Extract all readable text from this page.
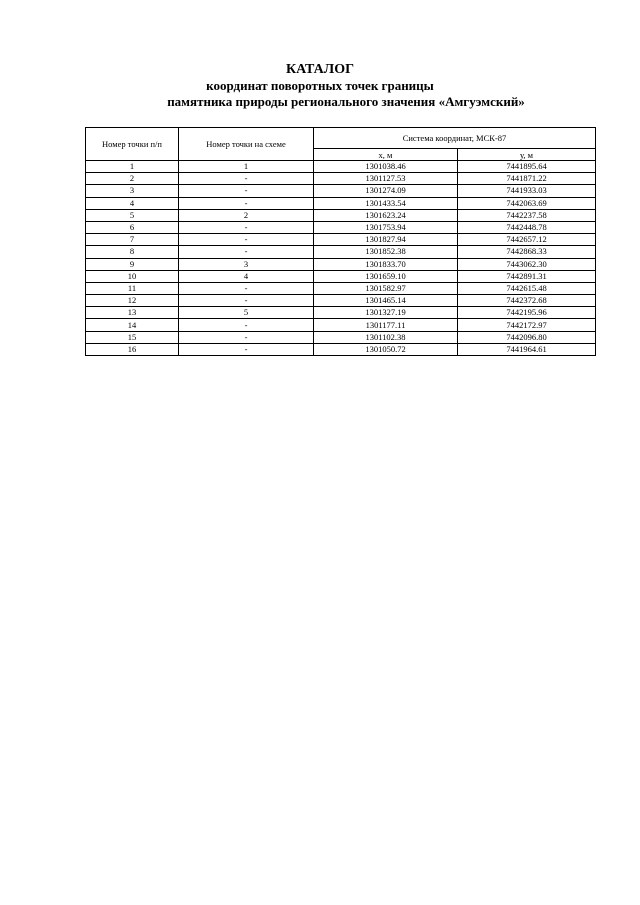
КАТАЛОГ
координат поворотных точек границы
памятника природы регионального значения «Амгуэмский»
Номер точки п/п	Номер точки на схеме	Система координат, МСК-87	
		х, м	у, м
1	1	1301038.46	7441895.64
2	-	1301127.53	7441871.22
3	-	1301274.09	7441933.03
4	-	1301433.54	7442063.69
5	2	1301623.24	7442237.58
6	-	1301753.94	7442448.78
7	-	1301827.94	7442657.12
8	-	1301852.38	7442868.33
9	3	1301833.70	7443062.30
10	4	1301659.10	7442891.31
11	-	1301582.97	7442615.48
12	-	1301465.14	7442372.68
13	5	1301327.19	7442195.96
14	-	1301177.11	7442172.97
15	-	1301102.38	7442096.80
16	-	1301050.72	7441964.61
